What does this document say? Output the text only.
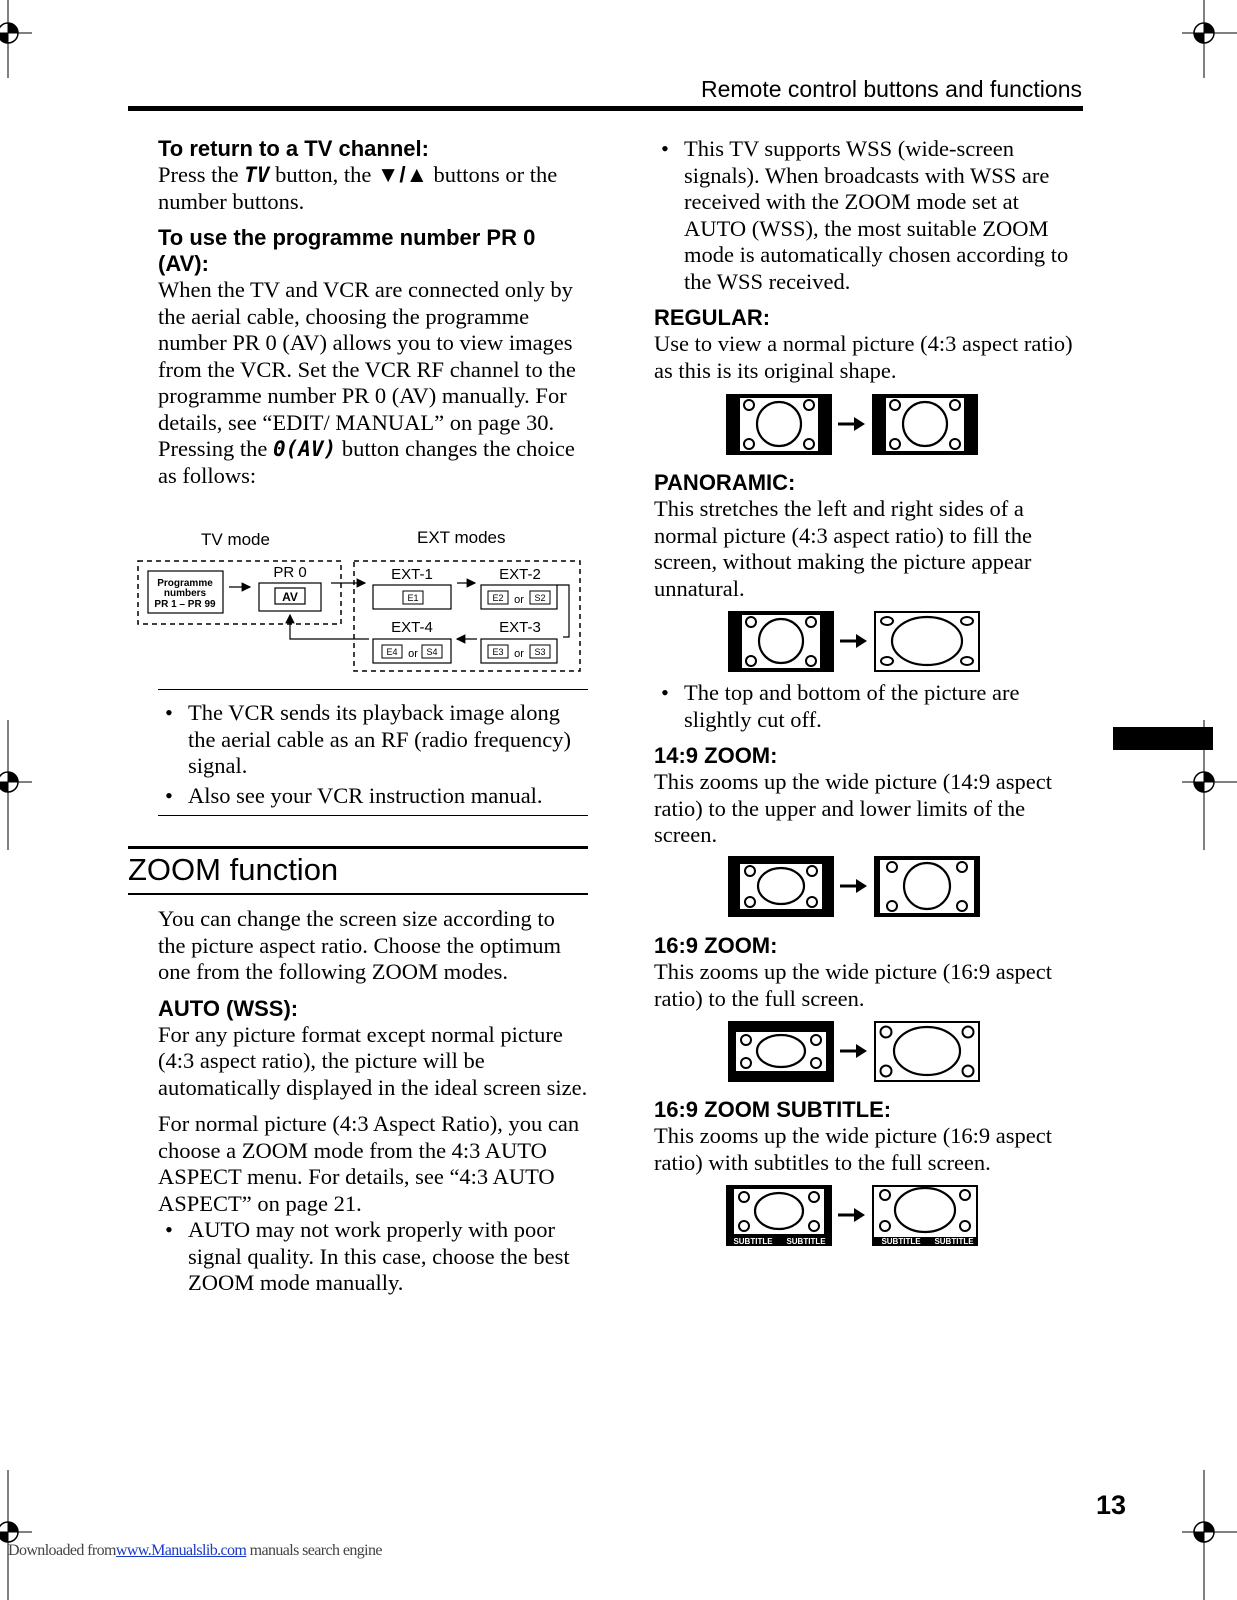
Remote control buttons and functions

To return to a TV channel:

Press the TV button, the ▼/▲ buttons or the number buttons.

To use the programme number PR 0 (AV):

When the TV and VCR are connected only by the aerial cable, choosing the programme number PR 0 (AV) allows you to view images from the VCR. Set the VCR RF channel to the programme number PR 0 (AV) manually. For details, see “EDIT/ MANUAL” on page 30.

Pressing the 0(AV) button changes the choice as follows:

TV mode	EXT modes
Programme
numbers
PR 1 – PR 99
PR 0
AV
EXT-1
E1
EXT-2
E2 or S2
EXT-3
E3 or S3
EXT-4
E4 or S4
• The VCR sends its playback image along the aerial cable as an RF (radio frequency) signal.
• Also see your VCR instruction manual.
ZOOM function

You can change the screen size according to the picture aspect ratio. Choose the optimum one from the following ZOOM modes.

AUTO (WSS):

For any picture format except normal picture (4:3 aspect ratio), the picture will be automatically displayed in the ideal screen size.

For normal picture (4:3 Aspect Ratio), you can choose a ZOOM mode from the 4:3 AUTO ASPECT menu. For details, see “4:3 AUTO ASPECT” on page 21.

• AUTO may not work properly with poor signal quality. In this case, choose the best ZOOM mode manually.
• This TV supports WSS (wide-screen signals). When broadcasts with WSS are received with the ZOOM mode set at AUTO (WSS), the most suitable ZOOM mode is automatically chosen according to the WSS received.

REGULAR:

Use to view a normal picture (4:3 aspect ratio) as this is its original shape.

PANORAMIC:

This stretches the left and right sides of a normal picture (4:3 aspect ratio) to fill the screen, without making the picture appear unnatural.

• The top and bottom of the picture are slightly cut off.

14:9 ZOOM:

This zooms up the wide picture (14:9 aspect ratio) to the upper and lower limits of the screen.

16:9 ZOOM:

This zooms up the wide picture (16:9 aspect ratio) to the full screen.

16:9 ZOOM SUBTITLE:

This zooms up the wide picture (16:9 aspect ratio) with subtitles to the full screen.

SUBTITLE SUBTITLE	SUBTITLE SUBTITLE
13
Downloaded fromwww.Manualslib.com manuals search engine
